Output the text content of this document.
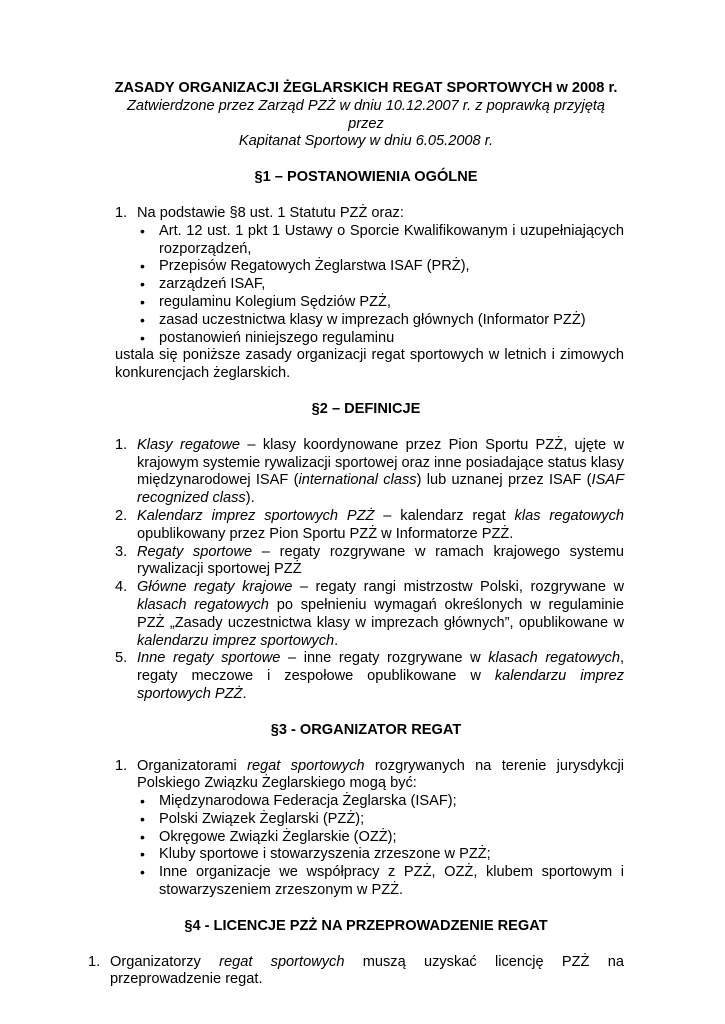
ZASADY ORGANIZACJI ŻEGLARSKICH REGAT SPORTOWYCH w 2008 r.

Zatwierdzone przez Zarząd PZŻ w dniu 10.12.2007 r. z poprawką przyjętą przez

Kapitanat Sportowy w dniu 6.05.2008 r.

§1 – POSTANOWIENIA OGÓLNE

1. Na podstawie §8 ust. 1 Statutu PZŻ oraz:
• Art. 12 ust. 1 pkt 1 Ustawy o Sporcie Kwalifikowanym i uzupełniających rozporządzeń,
• Przepisów Regatowych Żeglarstwa ISAF (PRŻ),
• zarządzeń ISAF,
• regulaminu Kolegium Sędziów PZŻ,
• zasad uczestnictwa klasy w imprezach głównych (Informator PZŻ)
• postanowień niniejszego regulaminu

ustala się poniższe zasady organizacji regat sportowych w letnich i zimowych konkurencjach żeglarskich.

§2 – DEFINICJE

1. Klasy regatowe – klasy koordynowane przez Pion Sportu PZŻ, ujęte w krajowym systemie rywalizacji sportowej oraz inne posiadające status klasy międzynarodowej ISAF (international class) lub uznanej przez ISAF (ISAF recognized class).
2. Kalendarz imprez sportowych PZŻ – kalendarz regat klas regatowych opublikowany przez Pion Sportu PZŻ w Informatorze PZŻ.
3. Regaty sportowe – regaty rozgrywane w ramach krajowego systemu rywalizacji sportowej PZŻ
4. Główne regaty krajowe – regaty rangi mistrzostw Polski, rozgrywane w klasach regatowych po spełnieniu wymagań określonych w regulaminie PZŻ „Zasady uczestnictwa klasy w imprezach głównych”, opublikowane w kalendarzu imprez sportowych.
5. Inne regaty sportowe – inne regaty rozgrywane w klasach regatowych, regaty meczowe i zespołowe opublikowane w kalendarzu imprez sportowych PZŻ.

§3 - ORGANIZATOR REGAT

1. Organizatorami regat sportowych rozgrywanych na terenie jurysdykcji Polskiego Związku Żeglarskiego mogą być:
• Międzynarodowa Federacja Żeglarska (ISAF);
• Polski Związek Żeglarski (PZŻ);
• Okręgowe Związki Żeglarskie (OZŻ);
• Kluby sportowe i stowarzyszenia zrzeszone w PZŻ;
• Inne organizacje we współpracy z PZŻ, OZŻ, klubem sportowym i stowarzyszeniem zrzeszonym w PZŻ.

§4 - LICENCJE PZŻ NA PRZEPROWADZENIE REGAT

1. Organizatorzy regat sportowych muszą uzyskać licencję PZŻ na przeprowadzenie regat.
